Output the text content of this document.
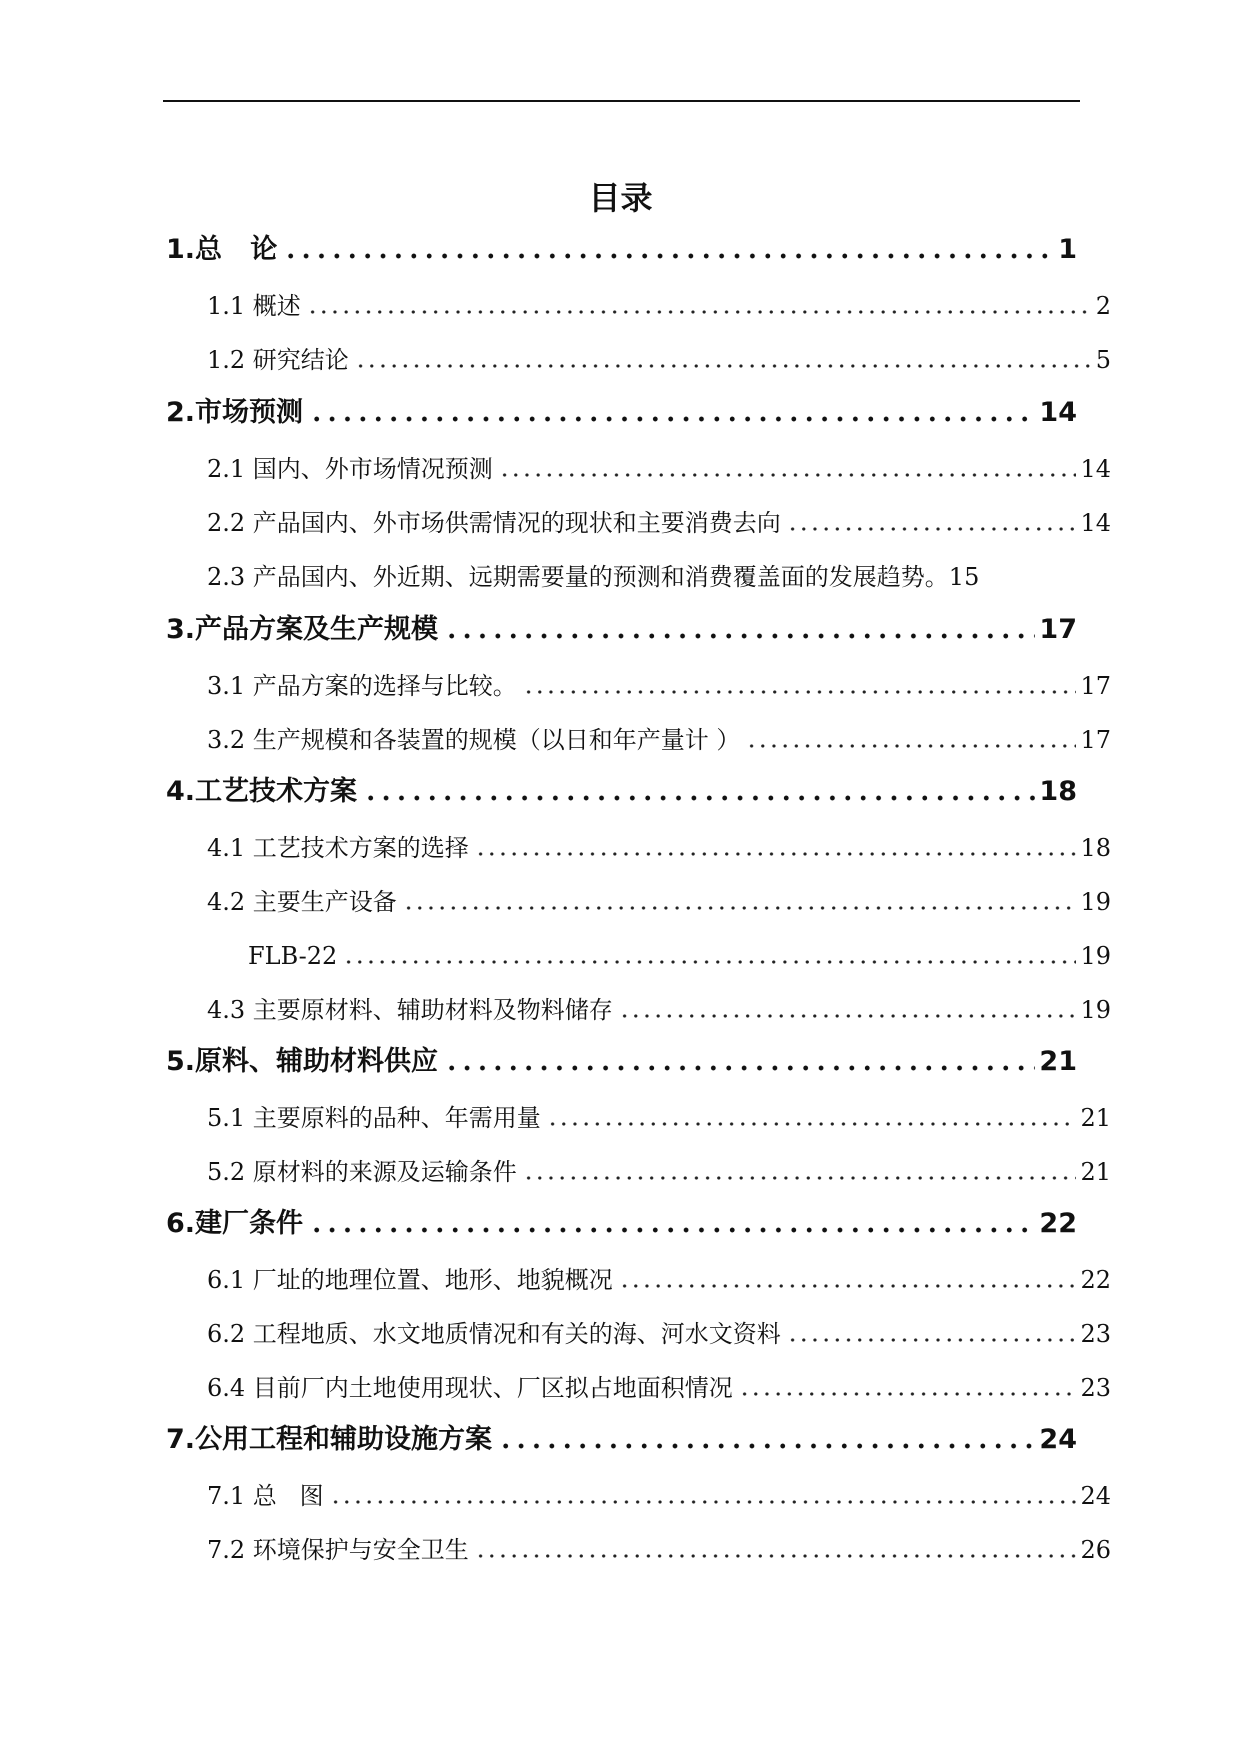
目录
1.总   论	1
1.1 概述	2
1.2 研究结论	5
2.市场预测	14
2.1 国内、外市场情况预测	14
2.2 产品国内、外市场供需情况的现状和主要消费去向	14
2.3 产品国内、外近期、远期需要量的预测和消费覆盖面的发展趋势。 15
3.产品方案及生产规模	17
3.1 产品方案的选择与比较。	17
3.2 生产规模和各装置的规模（以日和年产量计 ）	17
4.工艺技术方案	18
4.1 工艺技术方案的选择	18
4.2 主要生产设备	19
FLB-22	19
4.3 主要原材料、辅助材料及物料储存	19
5.原料、辅助材料供应	21
5.1 主要原料的品种、年需用量	21
5.2 原材料的来源及运输条件	21
6.建厂条件	22
6.1 厂址的地理位置、地形、地貌概况	22
6.2 工程地质、水文地质情况和有关的海、河水文资料	23
6.4 目前厂内土地使用现状、厂区拟占地面积情况	23
7.公用工程和辅助设施方案	24
7.1 总   图	24
7.2 环境保护与安全卫生	26
